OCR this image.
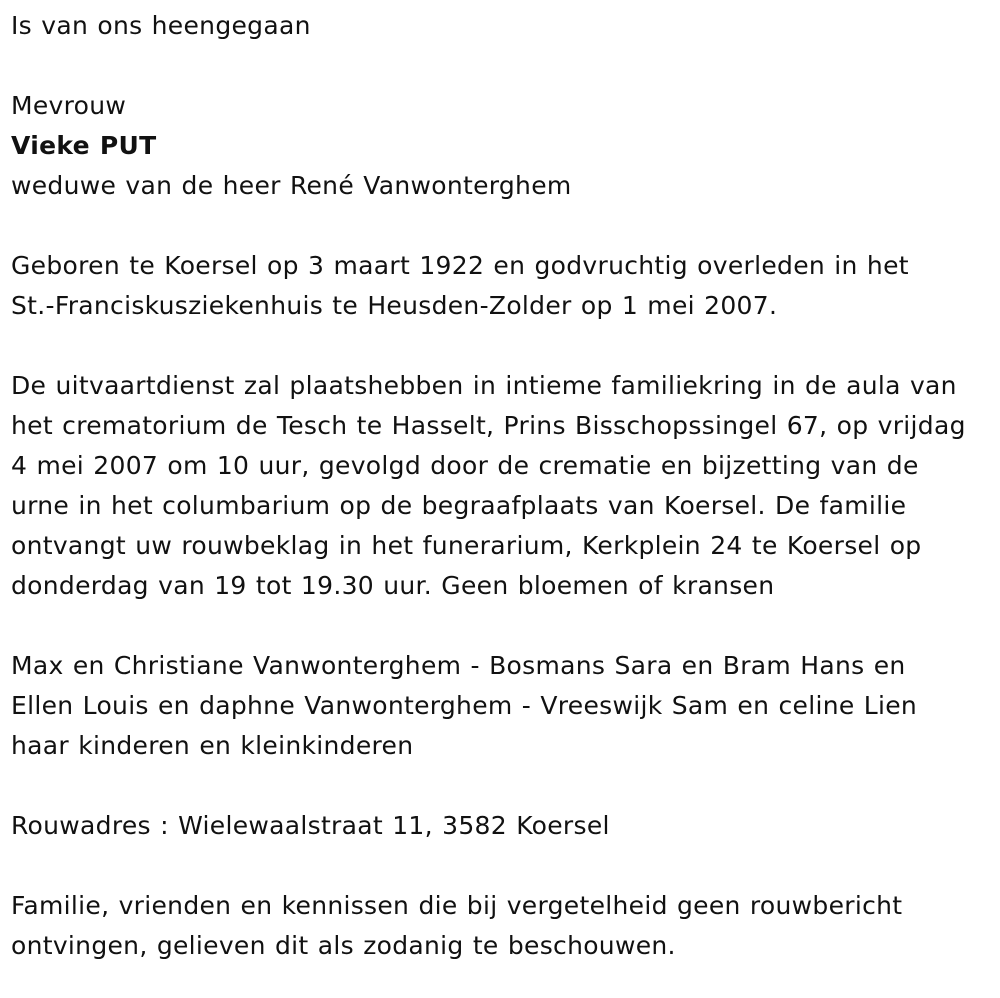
Is van ons heengegaan
Mevrouw
Vieke PUT
weduwe van de heer René Vanwonterghem
Geboren te Koersel op 3 maart 1922 en godvruchtig overleden in het
St.-Franciskusziekenhuis te Heusden-Zolder op 1 mei 2007.
De uitvaartdienst zal plaatshebben in intieme familiekring in de aula van
het crematorium de Tesch te Hasselt, Prins Bisschopssingel 67, op vrijdag
4 mei 2007 om 10 uur, gevolgd door de crematie en bijzetting van de
urne in het columbarium op de begraafplaats van Koersel. De familie
ontvangt uw rouwbeklag in het funerarium, Kerkplein 24 te Koersel op
donderdag van 19 tot 19.30 uur. Geen bloemen of kransen
Max en Christiane Vanwonterghem - Bosmans Sara en Bram Hans en
Ellen Louis en daphne Vanwonterghem - Vreeswijk Sam en celine Lien
haar kinderen en kleinkinderen
Rouwadres : Wielewaalstraat 11, 3582 Koersel
Familie, vrienden en kennissen die bij vergetelheid geen rouwbericht
ontvingen, gelieven dit als zodanig te beschouwen.
